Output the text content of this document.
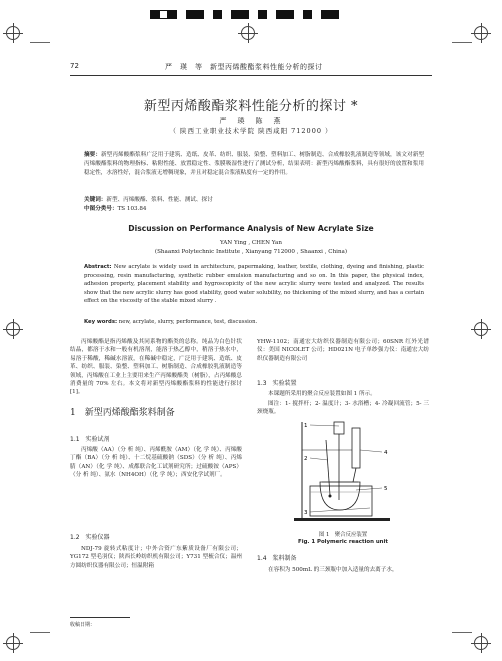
72	严　瑛　等　新型丙烯酸酯浆料性能分析的探讨
新型丙烯酸酯浆料性能分析的探讨 *
严　瑛　陈　燕
（ 陕西工业职业技术学院 陕西咸阳 712000 ）
摘要：新型丙烯酸酯浆料广泛用于建筑、造纸、皮革、纺织、服装、染整、塑料加工、树脂制造、合成橡胶乳液制造等领域，该文对新型丙烯酸酯浆料的物理指标、粘附性能、放置稳定性、浆膜吸湿性进行了测试分析，结果表明：新型丙烯酸酯浆料，具有很好的放置和浆用稳定性，水溶性好，混合浆液无增稠现象，并且对稳定混合浆液粘度有一定的作用。
关键词：新型、丙烯酸酯、浆料、性能、测试、探讨
中图分类号：TS 103.84
Discussion on Performance Analysis of New Acrylate Size
YAN Ying , CHEN Yan
(Shaanxi Polytechnic Institute , Xianyang 712000 , Shaanxi , China)
Abstract: New acrylate is widely used in architecture, papermaking, leather, textile, clothing, dyeing and finishing, plastic processing, resin manufacturing, synthetic rubber emulsion manufacturing and so on. In this paper, the physical index, adhesion property, placement stability and hygroscopicity of the new acrylic slurry were tested and analyzed. The results show that the new acrylic slurry has good stability, good water solubility, no thickening of the mixed slurry, and has a certain effect on the viscosity of the stable mixed slurry .
Key words: new, acrylate, slurry, performance, test, discussion.
丙烯酸酯是指丙烯酸及其同系物的酯类的总称。纯品为白色针状结晶，都溶于水和一般有机溶剂，能溶于热乙醇中，稍溶于热水中，易溶于稀酸，稀碱水溶液，在稀碱中稳定，广泛用于建筑、造纸、皮革、纺织、服装、染整、塑料加工、树脂制造、合成橡胶乳液制造等领域，丙烯酸在工业上主要用来生产丙烯酸酯类（树脂），占丙烯酸总消费量的 70% 左右。本文将对新型丙烯酸酯浆料的性能进行探讨 [1]。
1　新型丙烯酸酯浆料制备
1.1　实验试剂
丙烯酸（AA）（分 析 纯）、丙烯酰胺（AM）（化 学 纯）、丙烯酸丁酯（BA）（分 析 纯）、十二烷基硫酸钠（SDS）（分 析 纯）、丙烯腈（AN）（化 学 纯）、成都联合化工试剂研究所；过硫酸铵（APS）（分 析 纯）、氨水（NH4OH）（化 学 纯）；西安化学试剂厂。
1.2　实验仪器
NDJ-79 旋转式粘度计；中外合资广东紫质设备厂有限公司；YG172 型毛羽仪；陕西长岭纺织机有限公司；Y731 型梳合仪；温州方圆纺织仪器有限公司；恒温附箱
YHW-1102；南通宏大纺织仪器制造有限公司；60SNR 红外光谱仪：美国 NICOLET 公司；HD021N 电子单纱强力仪：南通宏大纺织仪器制造有限公司
1.3　实验装置
本课题所采用的聚合反应装置如图 1 所示。
图注：1- 搅拌杆；2- 温度计；3- 水浴槽；4- 冷凝回流管；5- 三颈烧瓶。
1
2
3
4
5
图 1　聚合反应装置
Fig. 1 Polymeric reaction unit
1.4　浆料制备
在容积为 500mL 的三颈瓶中加入适量的去离子水，
收稿日期：
